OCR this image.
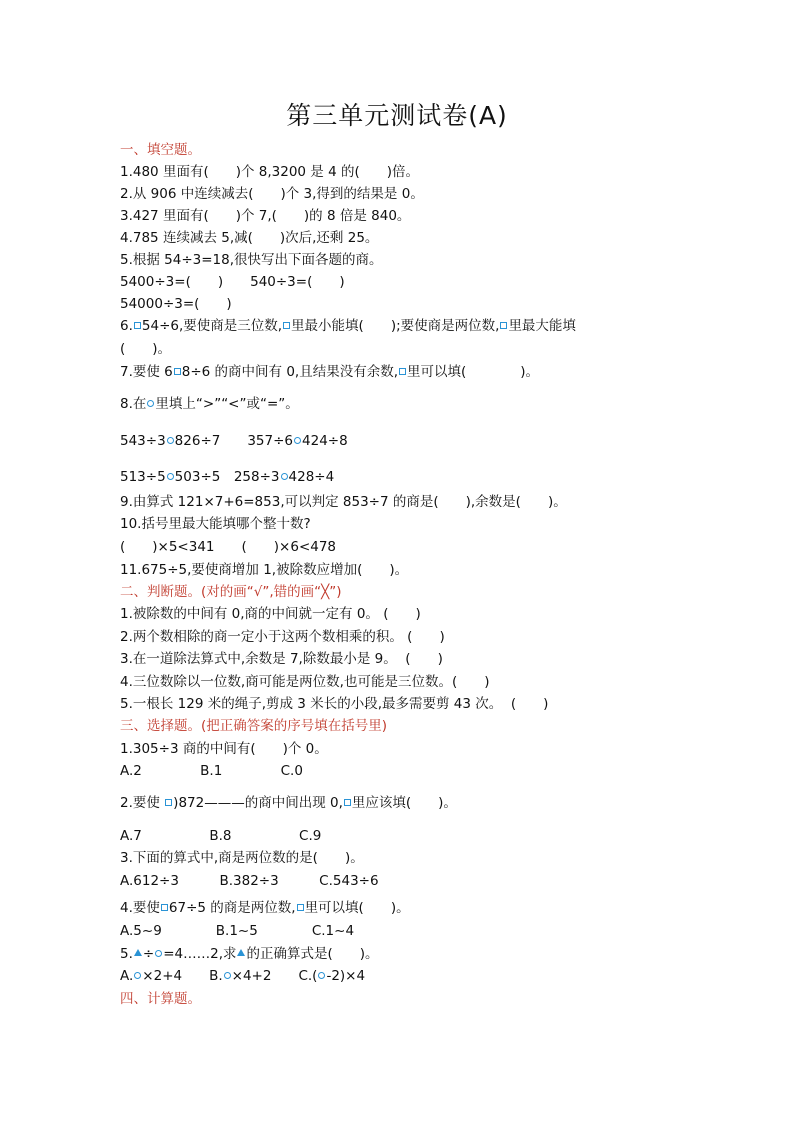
第三单元测试卷(A)
一、填空题。
1.480 里面有(　　)个 8,3200 是 4 的(　　)倍。
2.从 906 中连续减去(　　)个 3,得到的结果是 0。
3.427 里面有(　　)个 7,(　　)的 8 倍是 840。
4.785 连续减去 5,减(　　)次后,还剩 25。
5.根据 54÷3=18,很快写出下面各题的商。
5400÷3=(　　)　　540÷3=(　　)
54000÷3=(　　)
6. 54÷6,要使商是三位数, 里最小能填(　　);要使商是两位数, 里最大能填
(　　)。
7.要使 6 8÷6 的商中间有 0,且结果没有余数, 里可以填(　　　　)。
8.在 里填上“>”“<”或“=”。
543÷3 826÷7　　357÷6 424÷8
513÷5 503÷5　258÷3 428÷4
9.由算式 121×7+6=853,可以判定 853÷7 的商是(　　),余数是(　　)。
10.括号里最大能填哪个整十数?
(　　)×5<341　　(　　)×6<478
11.675÷5,要使商增加 1,被除数应增加(　　)。
二、判断题。(对的画“√”,错的画“╳”)
1.被除数的中间有 0,商的中间就一定有 0。 (　　)
2.两个数相除的商一定小于这两个数相乘的积。 (　　)
3.在一道除法算式中,余数是 7,除数最小是 9。  (　　)
4.三位数除以一位数,商可能是两位数,也可能是三位数。(　　)
5.一根长 129 米的绳子,剪成 3 米长的小段,最多需要剪 43 次。  (　　)
三、选择题。(把正确答案的序号填在括号里)
1.305÷3 商的中间有(　　)个 0。
A.2　　　　 B.1　　　　 C.0
2.要使 )872———的商中间出现 0, 里应该填(　　)。
A.7　　　　　B.8　　　　　C.9
3.下面的算式中,商是两位数的是(　　)。
A.612÷3　　　B.382÷3　　　C.543÷6
4.要使 67÷5 的商是两位数, 里可以填(　　)。
A.5~9　　　　B.1~5　　　　C.1~4
5. ÷ =4……2,求 的正确算式是(　　)。
A. ×2+4　　B. ×4+2　　C.( -2)×4
四、计算题。
